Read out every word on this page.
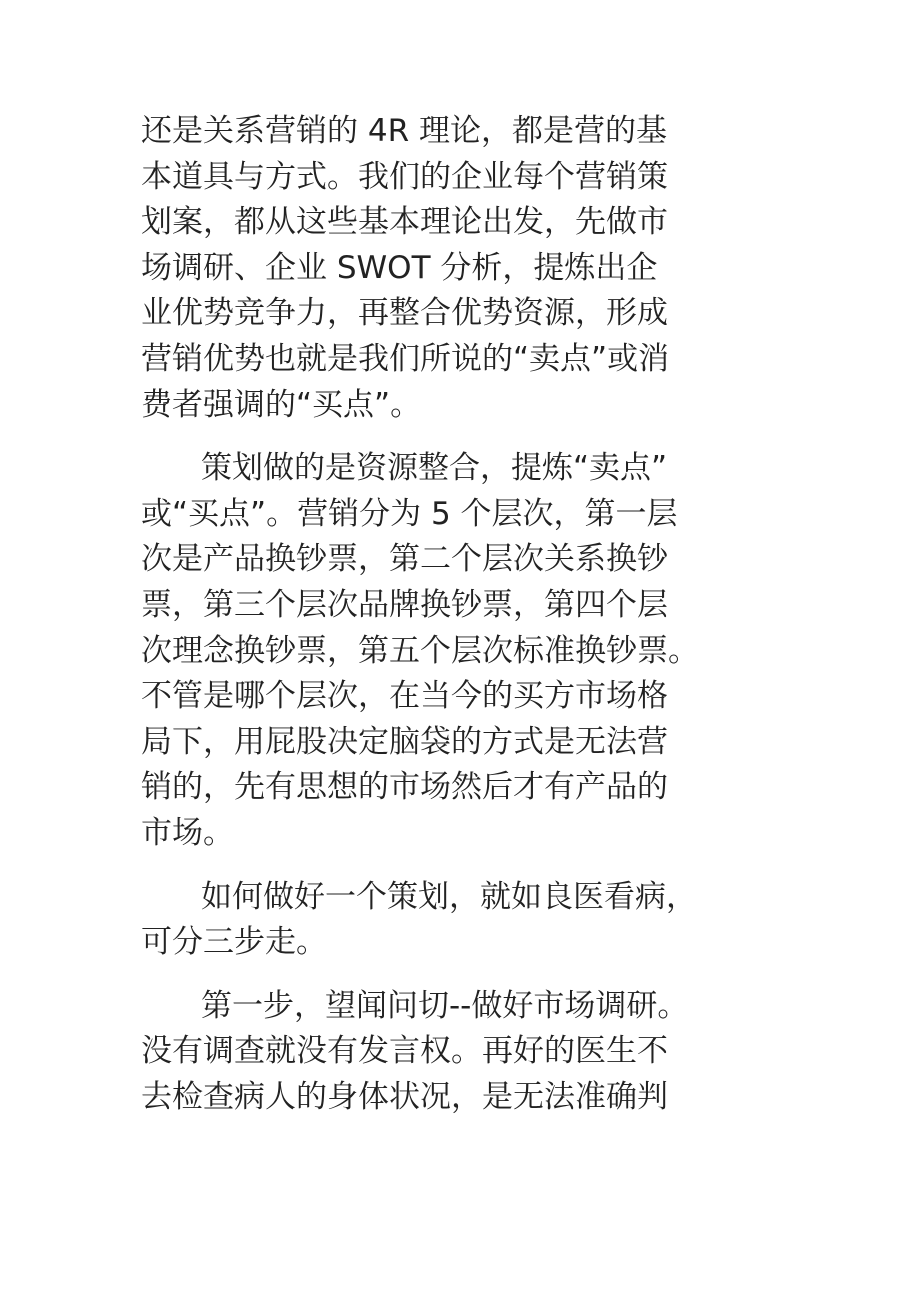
还是关系营销的 4R 理论，都是营的基
本道具与方式。我们的企业每个营销策
划案，都从这些基本理论出发，先做市
场调研、企业 SWOT 分析，提炼出企
业优势竞争力，再整合优势资源，形成
营销优势也就是我们所说的“卖点”或消
费者强调的“买点”。

策划做的是资源整合，提炼“卖点”
或“买点”。营销分为 5 个层次，第一层
次是产品换钞票，第二个层次关系换钞
票，第三个层次品牌换钞票，第四个层
次理念换钞票，第五个层次标准换钞票。
不管是哪个层次，在当今的买方市场格
局下，用屁股决定脑袋的方式是无法营
销的，先有思想的市场然后才有产品的
市场。

如何做好一个策划，就如良医看病，
可分三步走。

第一步，望闻问切--做好市场调研。
没有调查就没有发言权。再好的医生不
去检查病人的身体状况，是无法准确判
